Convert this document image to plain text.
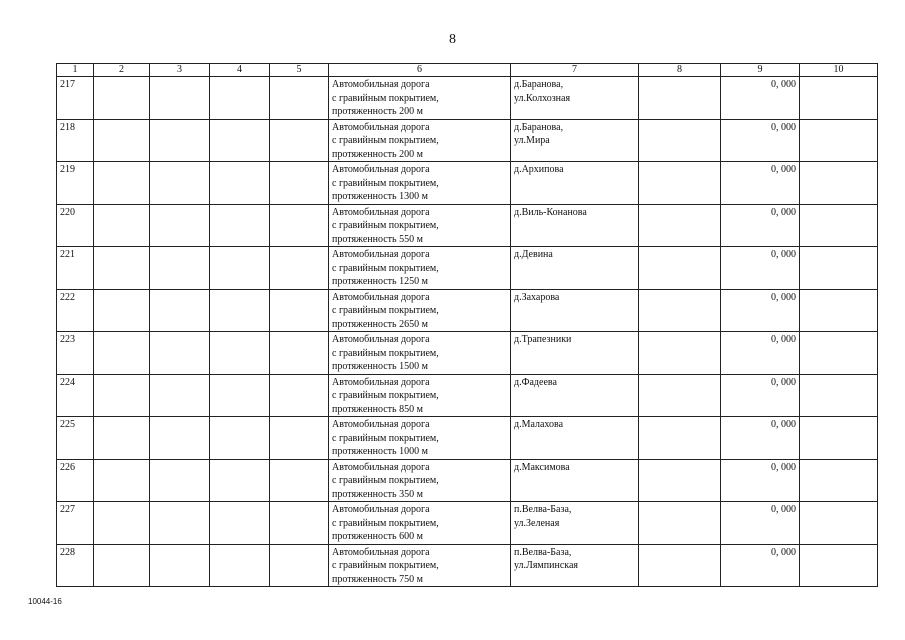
8
1	2	3	4	5	6	7	8	9	10
217					Автомобильная дорога
с гравийным покрытием,
протяженность 200 м	д.Баранова,
ул.Колхозная		0, 000	
218					Автомобильная дорога
с гравийным покрытием,
протяженность 200 м	д.Баранова,
ул.Мира		0, 000	
219					Автомобильная дорога
с гравийным покрытием,
протяженность 1300 м	д.Архипова		0, 000	
220					Автомобильная дорога
с гравийным покрытием,
протяженность 550 м	д.Виль-Конанова		0, 000	
221					Автомобильная дорога
с гравийным покрытием,
протяженность 1250 м	д.Девина		0, 000	
222					Автомобильная дорога
с гравийным покрытием,
протяженность 2650 м	д.Захарова		0, 000	
223					Автомобильная дорога
с гравийным покрытием,
протяженность 1500 м	д.Трапезники		0, 000	
224					Автомобильная дорога
с гравийным покрытием,
протяженность 850 м	д.Фадеева		0, 000	
225					Автомобильная дорога
с гравийным покрытием,
протяженность 1000 м	д.Малахова		0, 000	
226					Автомобильная дорога
с гравийным покрытием,
протяженность 350 м	д.Максимова		0, 000	
227					Автомобильная дорога
с гравийным покрытием,
протяженность 600 м	п.Велва-База,
ул.Зеленая		0, 000	
228					Автомобильная дорога
с гравийным покрытием,
протяженность 750 м	п.Велва-База,
ул.Лямпинская		0, 000	
10044-16
